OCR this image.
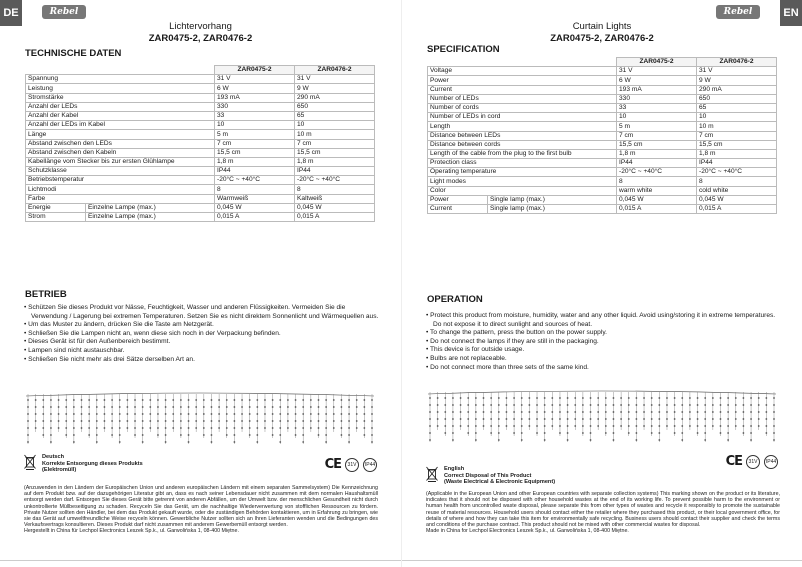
DE	Rebel
Lichtervorhang
ZAR0475-2, ZAR0476-2
TECHNISCHE DATEN
		ZAR0475-2	ZAR0476-2
Spannung		31 V	31 V
Leistung		6 W	9 W
Stromstärke		193 mA	290 mA
Anzahl der LEDs		330	650
Anzahl der Kabel		33	65
Anzahl der LEDs im Kabel		10	10
Länge		5 m	10 m
Abstand zwischen den LEDs		7 cm	7 cm
Abstand zwischen den Kabeln		15,5 cm	15,5 cm
Kabellänge vom Stecker bis zur ersten Glühlampe		1,8 m	1,8 m
Schutzklasse		IP44	IP44
Betriebstemperatur		-20°C ~ +40°C	-20°C ~ +40°C
Lichtmodi		8	8
Farbe		Warmweiß	Kaltweiß
Energie	Einzelne Lampe (max.)	0,045 W	0,045 W
Strom	Einzelne Lampe (max.)	0,015 A	0,015 A
BETRIEB
• Schützen Sie dieses Produkt vor Nässe, Feuchtigkeit, Wasser und anderen Flüssigkeiten. Vermeiden Sie die Verwendung / Lagerung bei extremen Temperaturen. Setzen Sie es nicht direktem Sonnenlicht und Wärmequellen aus.
• Um das Muster zu ändern, drücken Sie die Taste am Netzgerät.
• Schließen Sie die Lampen nicht an, wenn diese sich noch in der Verpackung befinden.
• Dieses Gerät ist für den Außenbereich bestimmt.
• Lampen sind nicht austauschbar.
• Schließen Sie nicht mehr als drei Sätze derselben Art an.
Deutsch
Korrekte Entsorgung dieses Produkts
(Elektromüll)	CE	31V	IP44
(Anzuwenden in den Ländern der Europäischen Union und anderen europäischen Ländern mit einem separaten Sammelsystem) Die Kennzeichnung auf dem Produkt bzw. auf der dazugehörigen Literatur gibt an, dass es nach seiner Lebensdauer nicht zusammen mit dem normalen Haushaltsmüll entsorgt werden darf. Entsorgen Sie dieses Gerät bitte getrennt von anderen Abfällen, um der Umwelt bzw. der menschlichen Gesundheit nicht durch unkontrollierte Müllbeseitigung zu schaden. Recyceln Sie das Gerät, um die nachhaltige Wiederverwertung von stofflichen Ressourcen zu fördern. Private Nutzer sollten den Händler, bei dem das Produkt gekauft wurde, oder die zuständigen Behörden kontaktieren, um in Erfahrung zu bringen, wie sie das Gerät auf umweltfreundliche Weise recyceln können. Gewerbliche Nutzer sollten sich an Ihren Lieferanten wenden und die Bedingungen des Verkaufsvertrags konsultieren. Dieses Produkt darf nicht zusammen mit anderem Gewerbemüll entsorgt werden.
Hergestellt in China für Lechpol Electronics Leszek Sp.k., ul. Garwolińska 1, 08-400 Miętne.
EN
Rebel
Curtain Lights
ZAR0475-2, ZAR0476-2
SPECIFICATION
		ZAR0475-2	ZAR0476-2
Voltage		31 V	31 V
Power		6 W	9 W
Current		193 mA	290 mA
Number of LEDs		330	650
Number of cords		33	65
Number of LEDs in cord		10	10
Length		5 m	10 m
Distance between LEDs		7 cm	7 cm
Distance between cords		15,5 cm	15,5 cm
Length of the cable from the plug to the first bulb		1,8 m	1,8 m
Protection class		IP44	IP44
Operating temperature		-20°C ~ +40°C	-20°C ~ +40°C
Light modes		8	8
Color		warm white	cold white
Power	Single lamp (max.)	0,045 W	0,045 W
Current	Single lamp (max.)	0,015 A	0,015 A
OPERATION
• Protect this product from moisture, humidity, water and any other liquid. Avoid using/storing it in extreme temperatures. Do not expose it to direct sunlight and sources of heat.
• To change the pattern, press the button on the power supply.
• Do not connect the lamps if they are still in the packaging.
• This device is for outside usage.
• Bulbs are not replaceable.
• Do not connect more than three sets of the same kind.
English
Correct Disposal of This Product
(Waste Electrical & Electronic Equipment)
CE	31V	IP44
(Applicable in the European Union and other European countries with separate collection systems) This marking shown on the product or its literature, indicates that it should not be disposed with other household wastes at the end of its working life. To prevent possible harm to the environment or human health from uncontrolled waste disposal, please separate this from other types of wastes and recycle it responsibly to promote the sustainable reuse of material resources. Household users should contact either the retailer where they purchased this product, or their local government office, for details of where and how they can take this item for environmentally safe recycling. Business users should contact their supplier and check the terms and conditions of the purchase contract. This product should not be mixed with other commercial wastes for disposal.
Made in China for Lechpol Electronics Leszek Sp.k., ul. Garwolińska 1, 08-400 Miętne.
